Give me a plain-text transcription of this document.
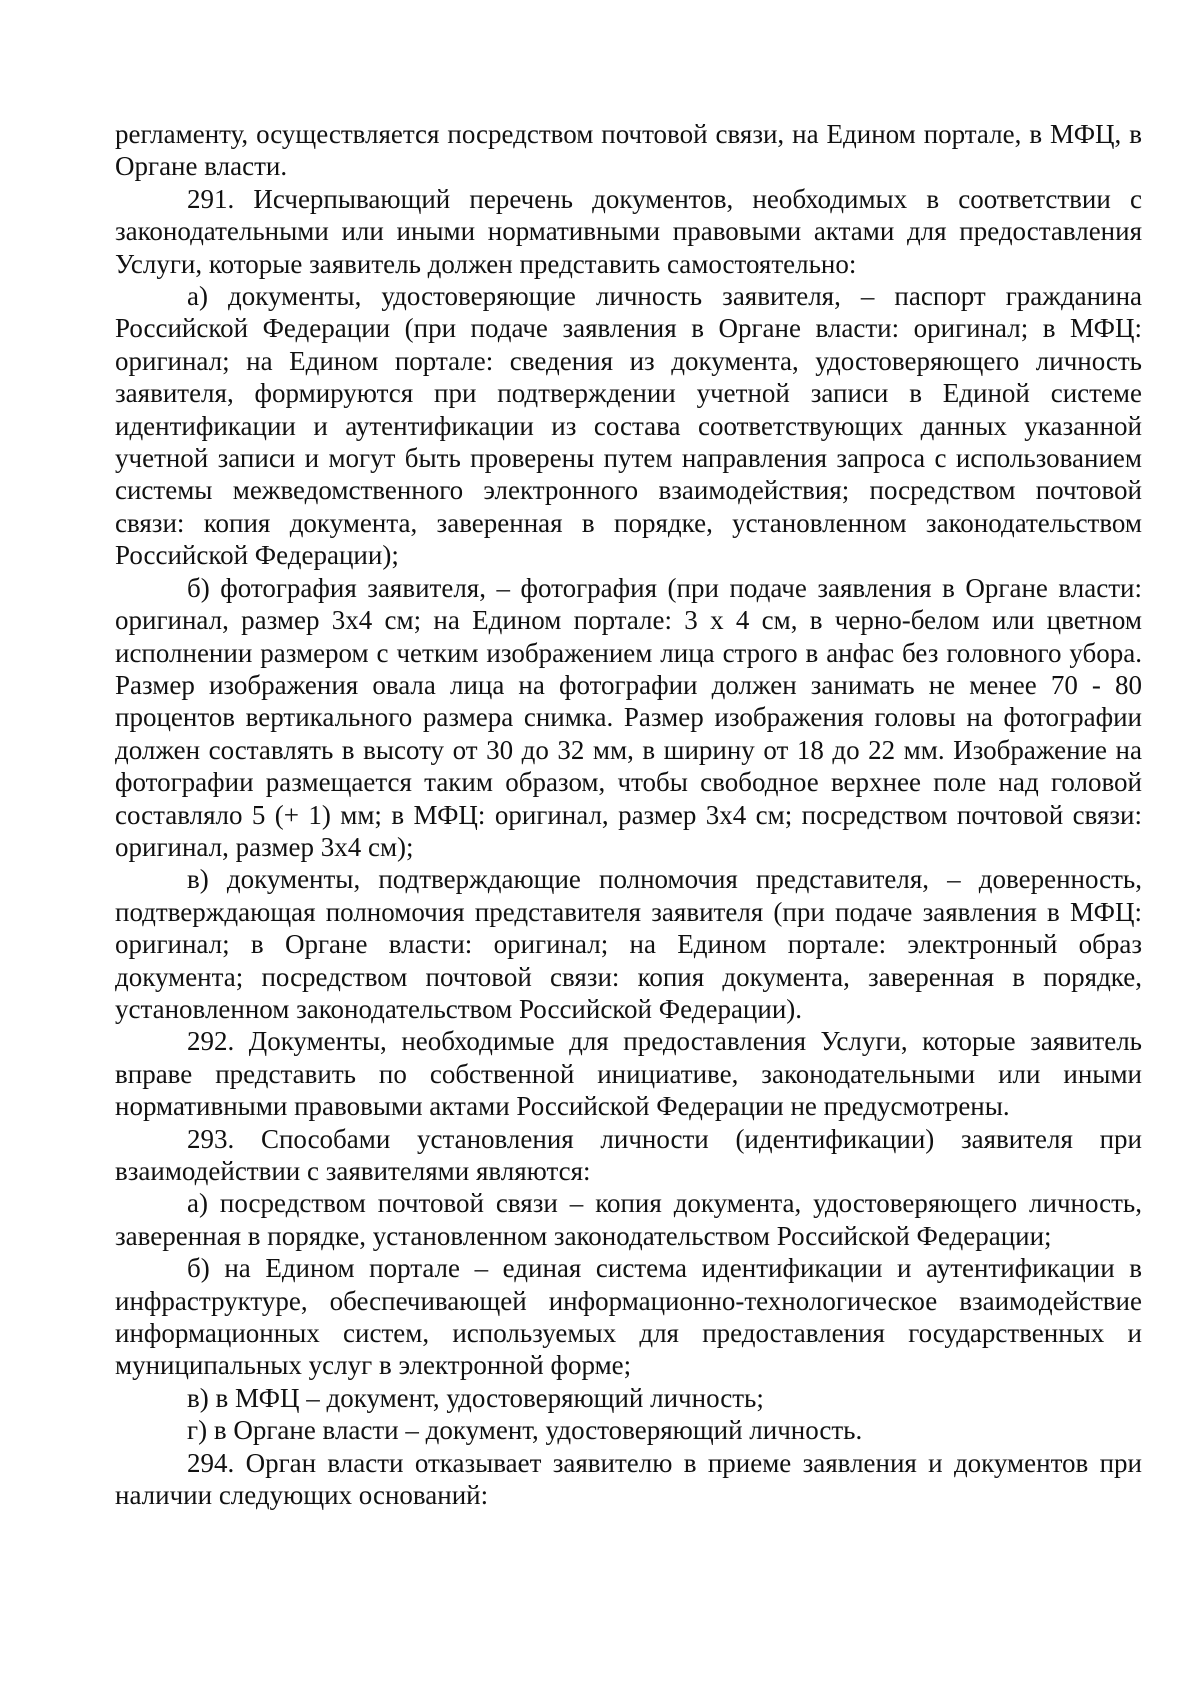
регламенту, осуществляется посредством почтовой связи, на Едином портале, в МФЦ, в Органе власти.

291. Исчерпывающий перечень документов, необходимых в соответствии с законодательными или иными нормативными правовыми актами для предоставления Услуги, которые заявитель должен представить самостоятельно:

а) документы, удостоверяющие личность заявителя, – паспорт гражданина Российской Федерации (при подаче заявления в Органе власти: оригинал; в МФЦ: оригинал; на Едином портале: сведения из документа, удостоверяющего личность заявителя, формируются при подтверждении учетной записи в Единой системе идентификации и аутентификации из состава соответствующих данных указанной учетной записи и могут быть проверены путем направления запроса с использованием системы межведомственного электронного взаимодействия; посредством почтовой связи: копия документа, заверенная в порядке, установленном законодательством Российской Федерации);

б) фотография заявителя, – фотография (при подаче заявления в Органе власти: оригинал, размер 3х4 см; на Едином портале: 3 х 4 см, в черно-белом или цветном исполнении размером с четким изображением лица строго в анфас без головного убора. Размер изображения овала лица на фотографии должен занимать не менее 70 - 80 процентов вертикального размера снимка. Размер изображения головы на фотографии должен составлять в высоту от 30 до 32 мм, в ширину от 18 до 22 мм. Изображение на фотографии размещается таким образом, чтобы свободное верхнее поле над головой составляло 5 (+ 1) мм; в МФЦ: оригинал, размер 3х4 см; посредством почтовой связи: оригинал, размер 3х4 см);

в) документы, подтверждающие полномочия представителя, – доверенность, подтверждающая полномочия представителя заявителя (при подаче заявления в МФЦ: оригинал; в Органе власти: оригинал; на Едином портале: электронный образ документа; посредством почтовой связи: копия документа, заверенная в порядке, установленном законодательством Российской Федерации).

292. Документы, необходимые для предоставления Услуги, которые заявитель вправе представить по собственной инициативе, законодательными или иными нормативными правовыми актами Российской Федерации не предусмотрены.

293. Способами установления личности (идентификации) заявителя при взаимодействии с заявителями являются:

а) посредством почтовой связи – копия документа, удостоверяющего личность, заверенная в порядке, установленном законодательством Российской Федерации;

б) на Едином портале – единая система идентификации и аутентификации в инфраструктуре, обеспечивающей информационно-технологическое взаимодействие информационных систем, используемых для предоставления государственных и муниципальных услуг в электронной форме;

в) в МФЦ – документ, удостоверяющий личность;

г) в Органе власти – документ, удостоверяющий личность.

294. Орган власти отказывает заявителю в приеме заявления и документов при наличии следующих оснований:
